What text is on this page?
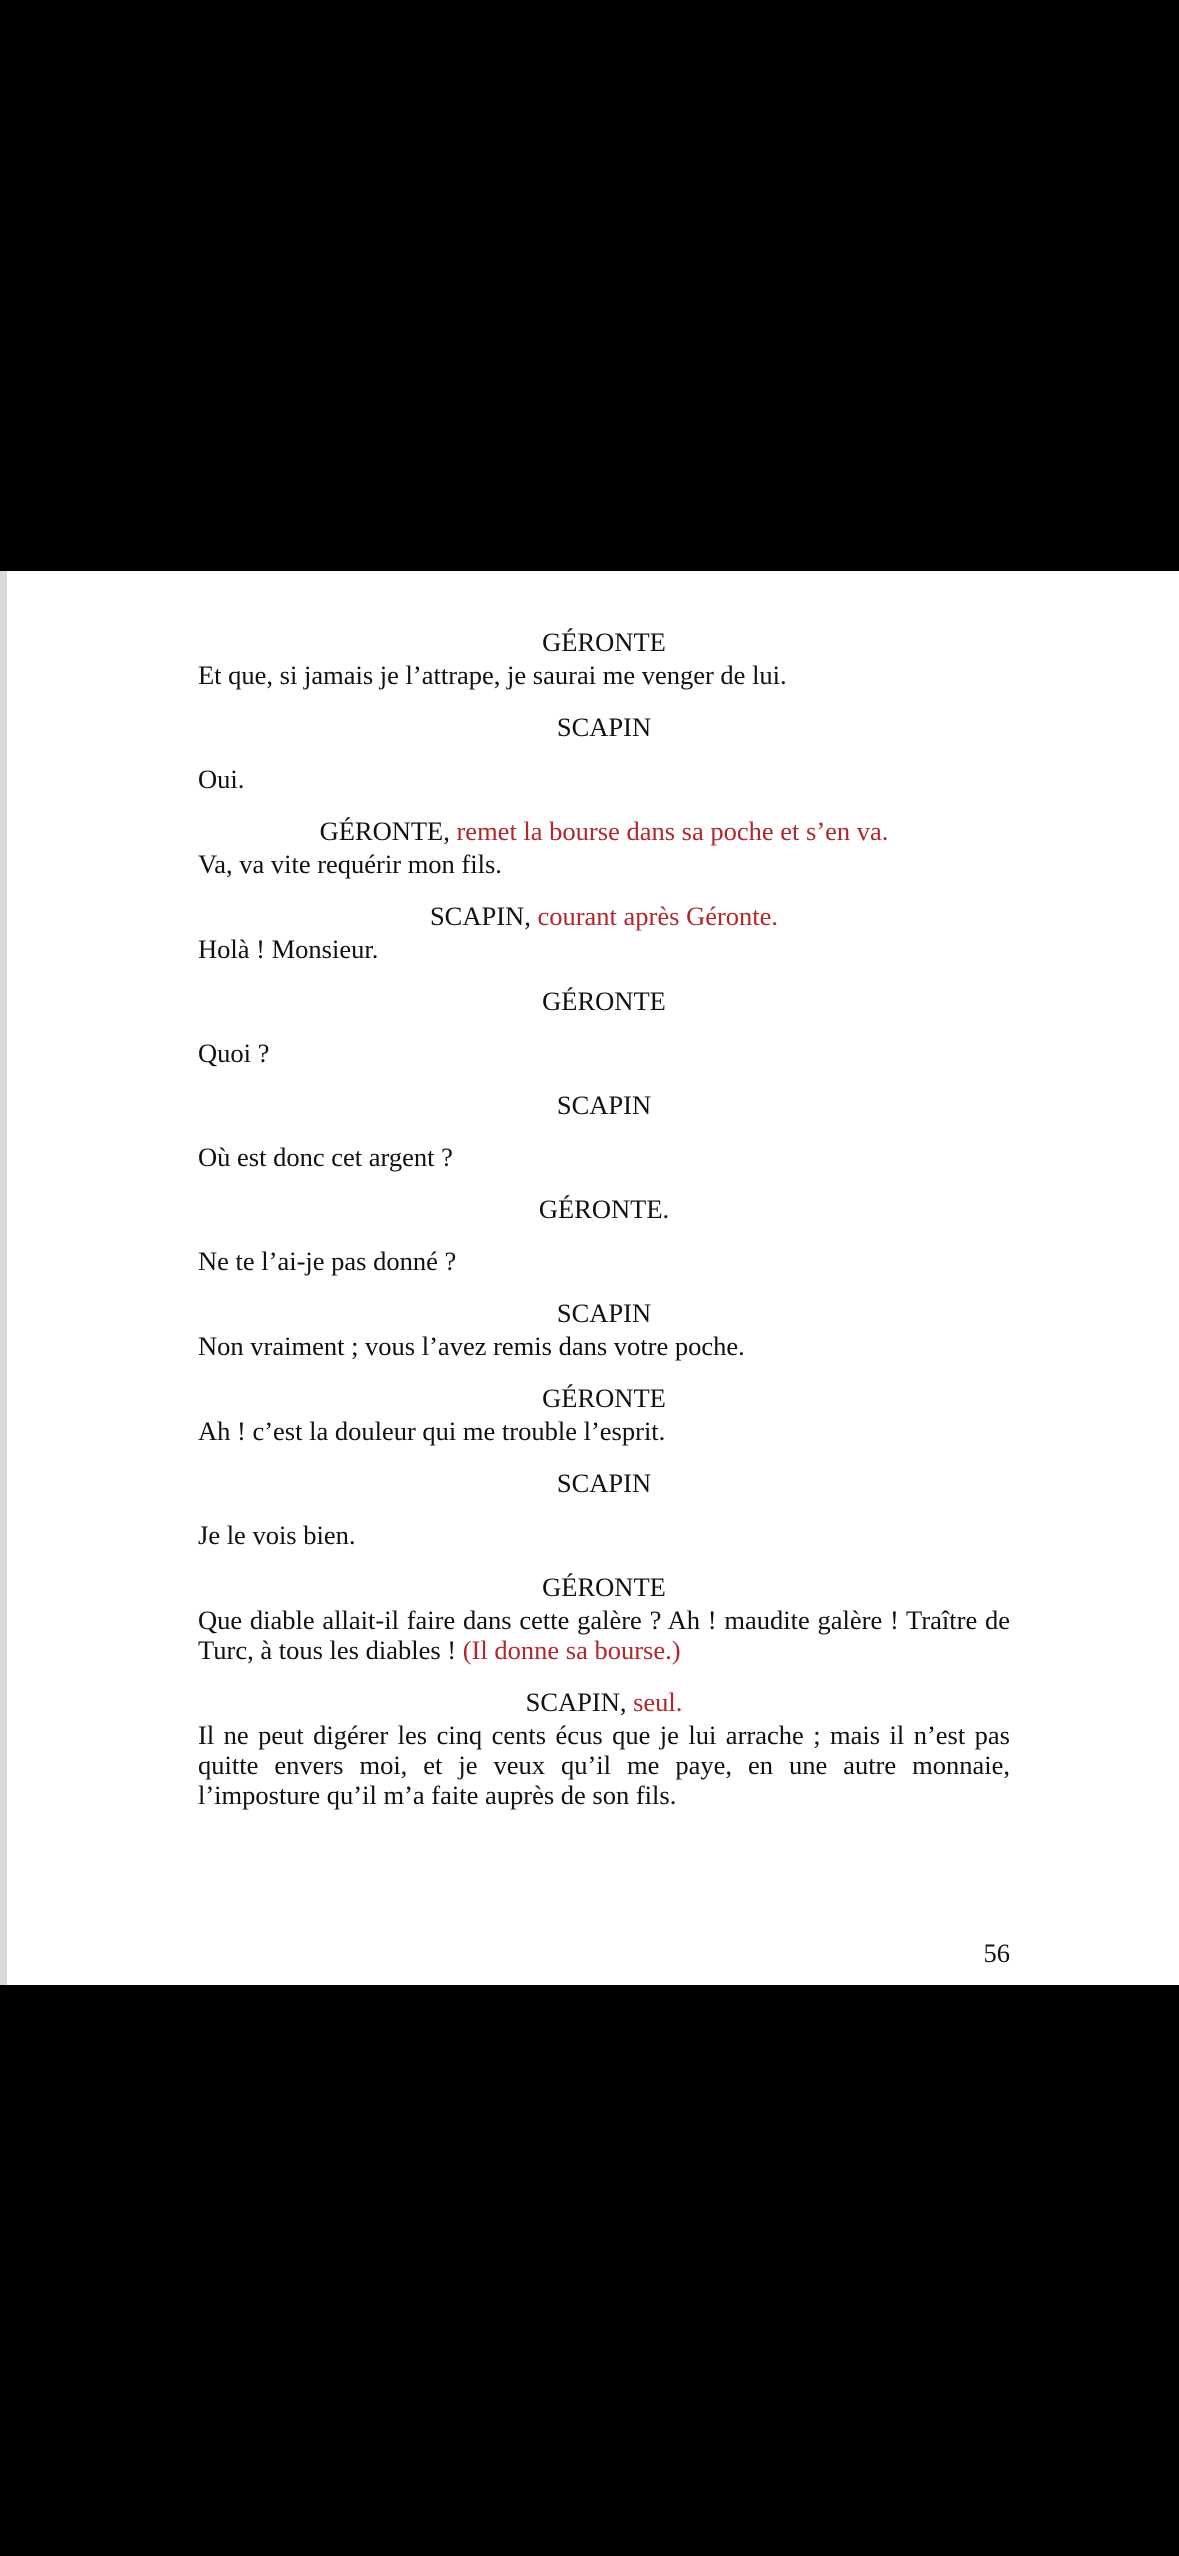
GÉRONTE

Et que, si jamais je l’attrape, je saurai me venger de lui.

SCAPIN

Oui.

GÉRONTE, remet la bourse dans sa poche et s’en va.

Va, va vite requérir mon fils.

SCAPIN, courant après Géronte.

Holà ! Monsieur.

GÉRONTE

Quoi ?

SCAPIN

Où est donc cet argent ?

GÉRONTE.

Ne te l’ai-je pas donné ?

SCAPIN

Non vraiment ; vous l’avez remis dans votre poche.

GÉRONTE

Ah ! c’est la douleur qui me trouble l’esprit.

SCAPIN

Je le vois bien.

GÉRONTE

Que diable allait-il faire dans cette galère ? Ah ! maudite galère ! Traître de Turc, à tous les diables ! (Il donne sa bourse.)

SCAPIN, seul.

Il ne peut digérer les cinq cents écus que je lui arrache ; mais il n’est pas quitte envers moi, et je veux qu’il me paye, en une autre monnaie, l’imposture qu’il m’a faite auprès de son fils.

56
